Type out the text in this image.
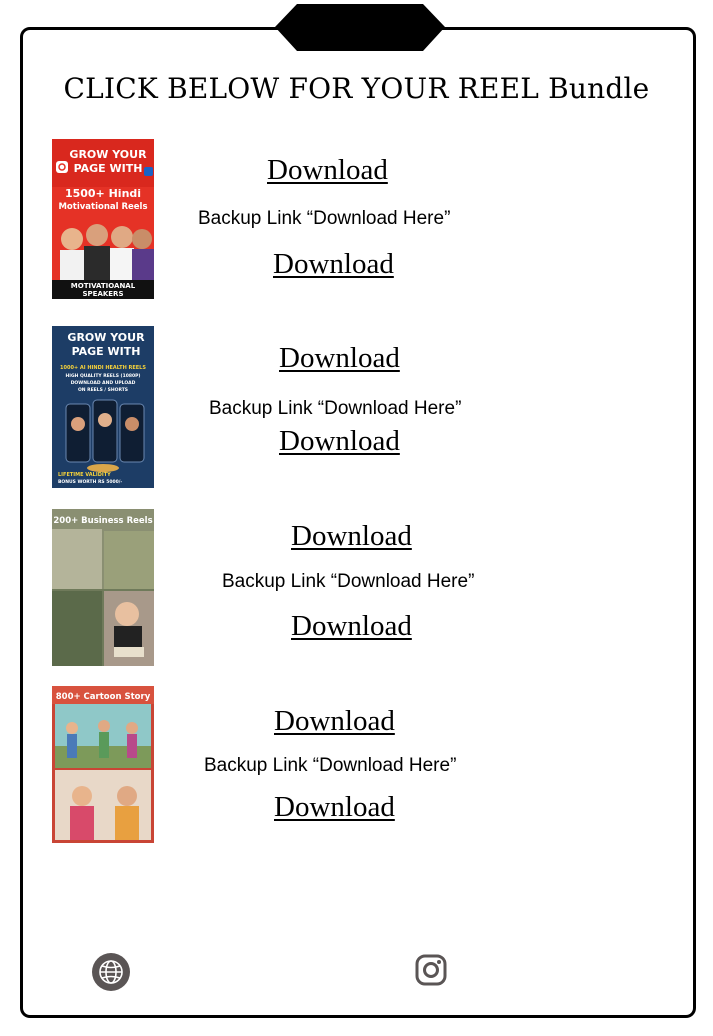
CLICK BELOW FOR YOUR REEL Bundle
GROW YOUR
PAGE WITH
1500+ Hindi
Motivational Reels
MOTIVATIOANAL
SPEAKERS
Download
Backup Link “Download Here”
Download
GROW YOUR
PAGE WITH
1000+ AI HINDI HEALTH REELS
HIGH QUALITY REELS (1080P)
DOWNLOAD AND UPLOAD
ON REELS / SHORTS
LIFETIME VALIDITY
BONUS WORTH RS 5000/-
Download
Backup Link “Download Here”
Download
200+ Business Reels	Download
Backup Link “Download Here”
Download
800+ Cartoon Story
Download
Backup Link “Download Here”
Download
